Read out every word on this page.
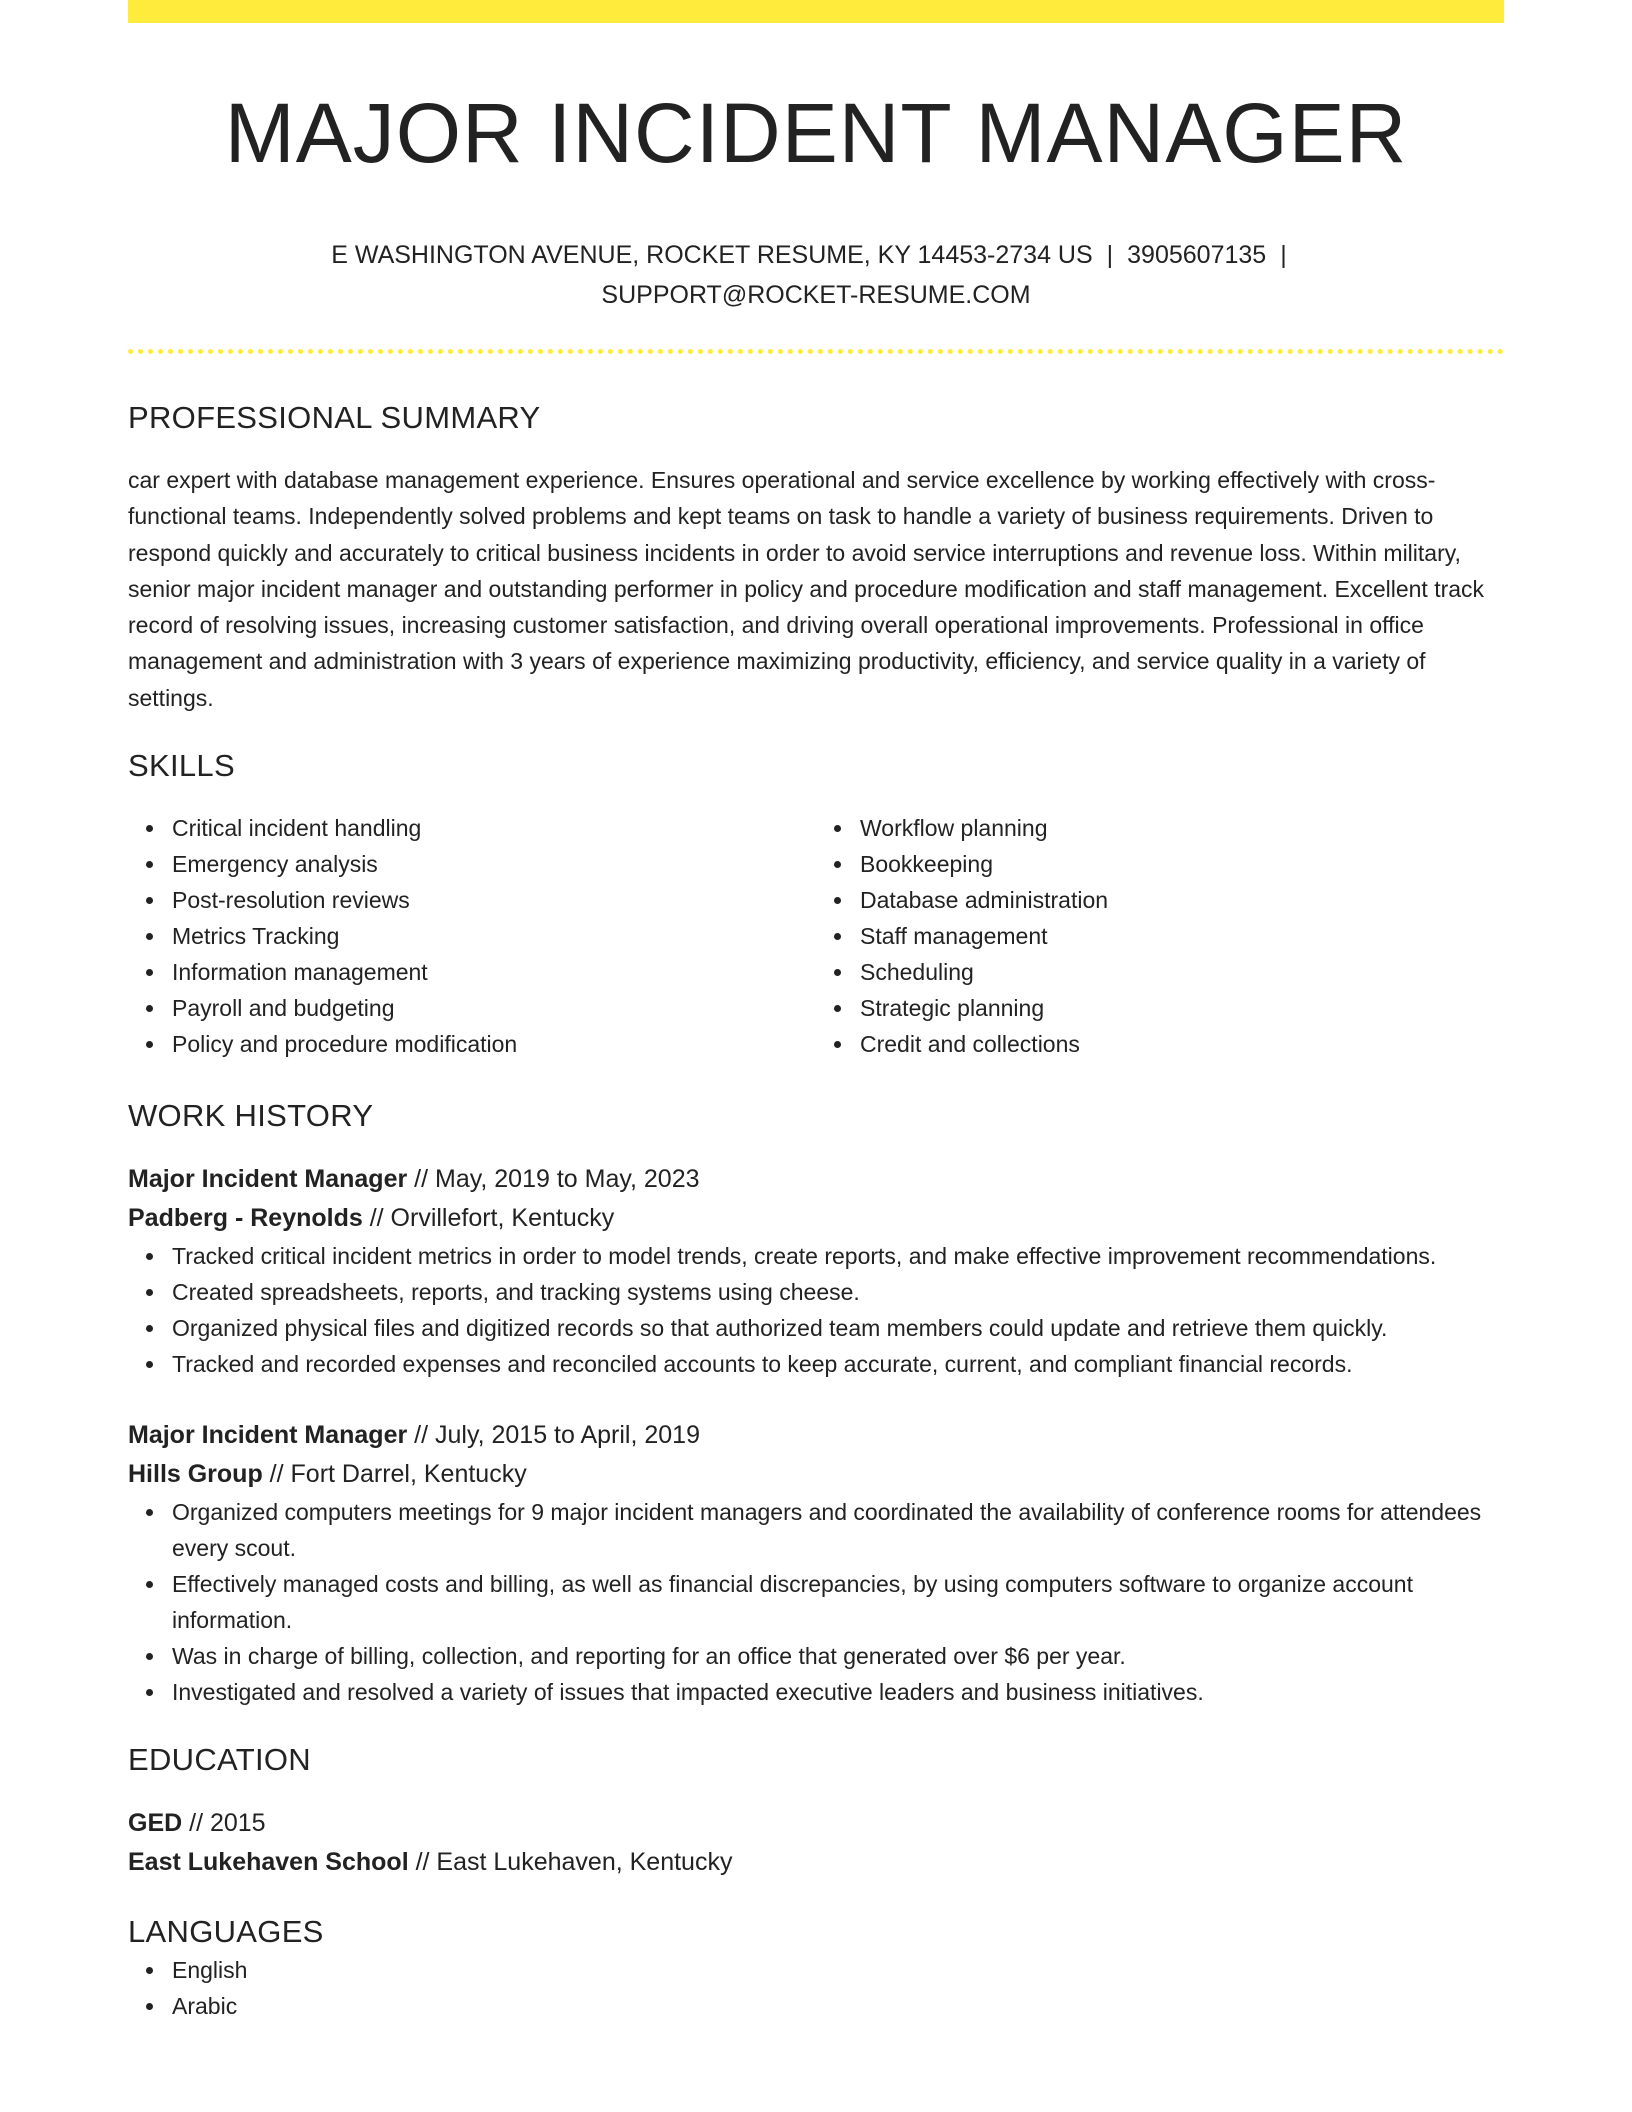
MAJOR INCIDENT MANAGER
E WASHINGTON AVENUE, ROCKET RESUME, KY 14453-2734 US | 3905607135 |
SUPPORT@ROCKET-RESUME.COM
PROFESSIONAL SUMMARY
car expert with database management experience. Ensures operational and service excellence by working effectively with cross-functional teams. Independently solved problems and kept teams on task to handle a variety of business requirements. Driven to respond quickly and accurately to critical business incidents in order to avoid service interruptions and revenue loss. Within military, senior major incident manager and outstanding performer in policy and procedure modification and staff management. Excellent track record of resolving issues, increasing customer satisfaction, and driving overall operational improvements. Professional in office management and administration with 3 years of experience maximizing productivity, efficiency, and service quality in a variety of settings.
SKILLS
Critical incident handling
Emergency analysis
Post-resolution reviews
Metrics Tracking
Information management
Payroll and budgeting
Policy and procedure modification
Workflow planning
Bookkeeping
Database administration
Staff management
Scheduling
Strategic planning
Credit and collections
WORK HISTORY
Major Incident Manager // May, 2019 to May, 2023
Padberg - Reynolds // Orvillefort, Kentucky
Tracked critical incident metrics in order to model trends, create reports, and make effective improvement recommendations.
Created spreadsheets, reports, and tracking systems using cheese.
Organized physical files and digitized records so that authorized team members could update and retrieve them quickly.
Tracked and recorded expenses and reconciled accounts to keep accurate, current, and compliant financial records.
Major Incident Manager // July, 2015 to April, 2019
Hills Group // Fort Darrel, Kentucky
Organized computers meetings for 9 major incident managers and coordinated the availability of conference rooms for attendees every scout.
Effectively managed costs and billing, as well as financial discrepancies, by using computers software to organize account information.
Was in charge of billing, collection, and reporting for an office that generated over $6 per year.
Investigated and resolved a variety of issues that impacted executive leaders and business initiatives.
EDUCATION
GED // 2015
East Lukehaven School // East Lukehaven, Kentucky
LANGUAGES
English
Arabic
